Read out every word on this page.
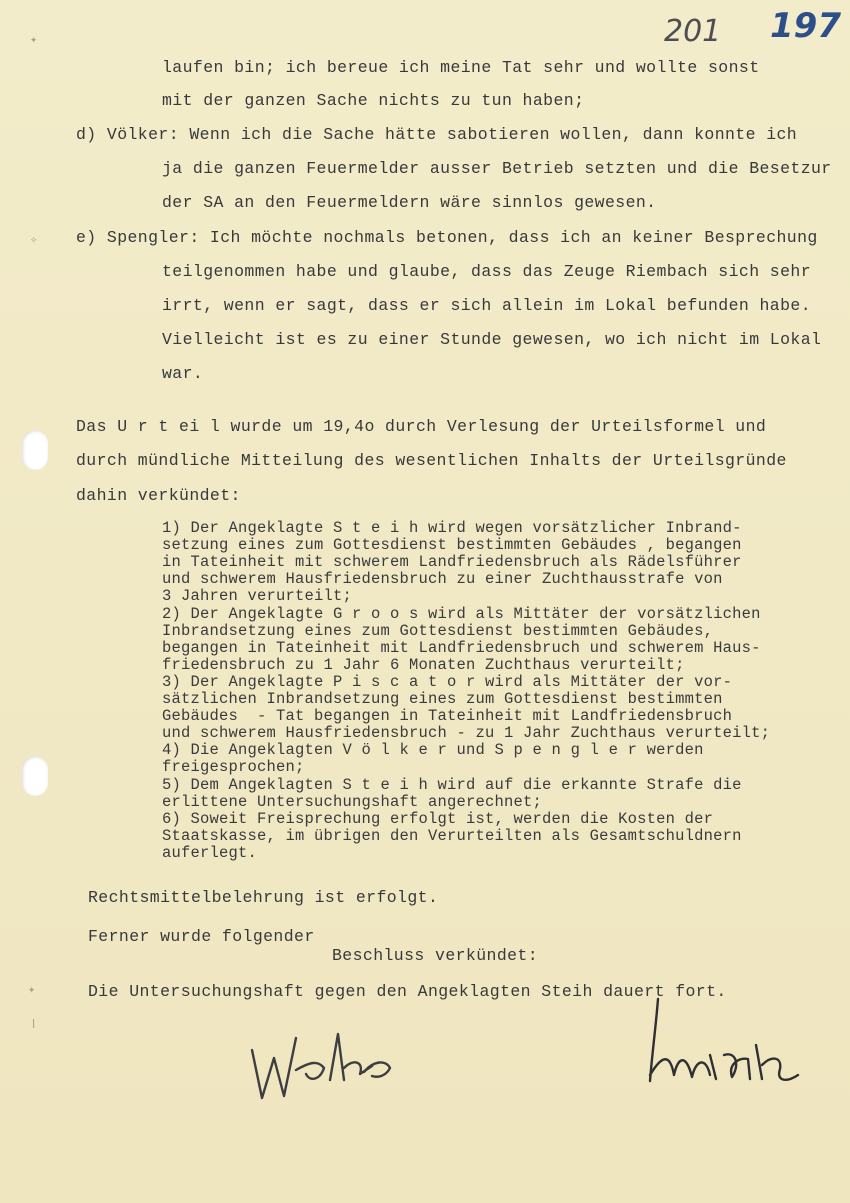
✦
✧
✦
ǀ
201 197
laufen bin; ich bereue ich meine Tat sehr und wollte sonst
mit der ganzen Sache nichts zu tun haben;
d) Völker: Wenn ich die Sache hätte sabotieren wollen, dann konnte ich
ja die ganzen Feuermelder ausser Betrieb setzten und die Besetzur
der SA an den Feuermeldern wäre sinnlos gewesen.
e) Spengler: Ich möchte nochmals betonen, dass ich an keiner Besprechung
teilgenommen habe und glaube, dass das Zeuge Riembach sich sehr
irrt, wenn er sagt, dass er sich allein im Lokal befunden habe.
Vielleicht ist es zu einer Stunde gewesen, wo ich nicht im Lokal
war.
Das U r t ei l wurde um 19,4o durch Verlesung der Urteilsformel und
durch mündliche Mitteilung des wesentlichen Inhalts der Urteilsgründe
dahin verkündet:
1) Der Angeklagte S t e i h wird wegen vorsätzlicher Inbrand-
setzung eines zum Gottesdienst bestimmten Gebäudes , begangen
in Tateinheit mit schwerem Landfriedensbruch als Rädelsführer
und schwerem Hausfriedensbruch zu einer Zuchthausstrafe von
3 Jahren verurteilt;
2) Der Angeklagte G r o o s wird als Mittäter der vorsätzlichen
Inbrandsetzung eines zum Gottesdienst bestimmten Gebäudes,
begangen in Tateinheit mit Landfriedensbruch und schwerem Haus-
friedensbruch zu 1 Jahr 6 Monaten Zuchthaus verurteilt;
3) Der Angeklagte P i s c a t o r wird als Mittäter der vor-
sätzlichen Inbrandsetzung eines zum Gottesdienst bestimmten
Gebäudes  - Tat begangen in Tateinheit mit Landfriedensbruch
und schwerem Hausfriedensbruch - zu 1 Jahr Zuchthaus verurteilt;
4) Die Angeklagten V ö l k e r und S p e n g l e r werden
freigesprochen;
5) Dem Angeklagten S t e i h wird auf die erkannte Strafe die
erlittene Untersuchungshaft angerechnet;
6) Soweit Freisprechung erfolgt ist, werden die Kosten der
Staatskasse, im übrigen den Verurteilten als Gesamtschuldnern
auferlegt.
Rechtsmittelbelehrung ist erfolgt.
Ferner wurde folgender
Beschluss verkündet:
Die Untersuchungshaft gegen den Angeklagten Steih dauert fort.
